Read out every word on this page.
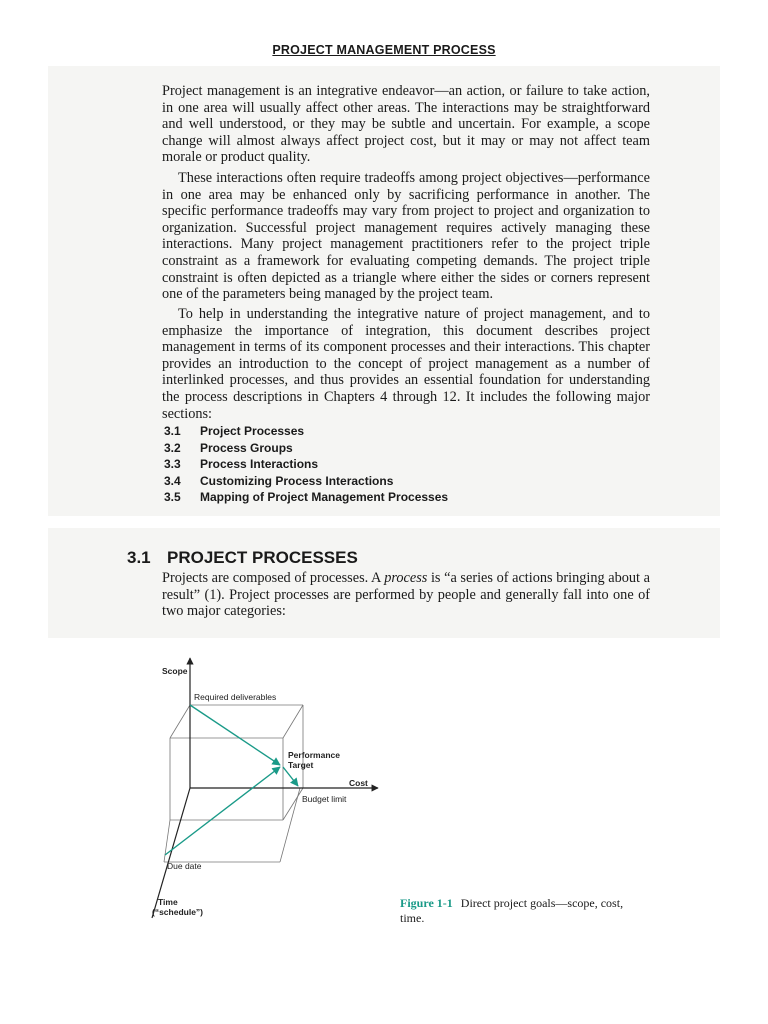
PROJECT MANAGEMENT PROCESS

Project management is an integrative endeavor—an action, or failure to take action, in one area will usually affect other areas. The interactions may be straightforward and well understood, or they may be subtle and uncertain. For example, a scope change will almost always affect project cost, but it may or may not affect team morale or product quality.

These interactions often require tradeoffs among project objectives—performance in one area may be enhanced only by sacrificing performance in another. The specific performance tradeoffs may vary from project to project and organization to organization. Successful project management requires actively managing these interactions. Many project management practitioners refer to the project triple constraint as a framework for evaluating competing demands. The project triple constraint is often depicted as a triangle where either the sides or corners represent one of the parameters being managed by the project team.

To help in understanding the integrative nature of project management, and to emphasize the importance of integration, this document describes project management in terms of its component processes and their interactions. This chapter provides an introduction to the concept of project management as a number of interlinked processes, and thus provides an essential foundation for understanding the process descriptions in Chapters 4 through 12. It includes the following major sections:

3.1 Project Processes
3.2 Process Groups
3.3 Process Interactions
3.4 Customizing Process Interactions
3.5 Mapping of Project Management Processes
3.1 PROJECT PROCESSES

Projects are composed of processes. A process is “a series of actions bringing about a result” (1). Project processes are performed by people and generally fall into one of two major categories:

Scope
Required deliverables
Performance
Target
Cost
Budget limit
Due date
Time
(“schedule”)
Figure 1-1 Direct project goals—scope, cost, time.
